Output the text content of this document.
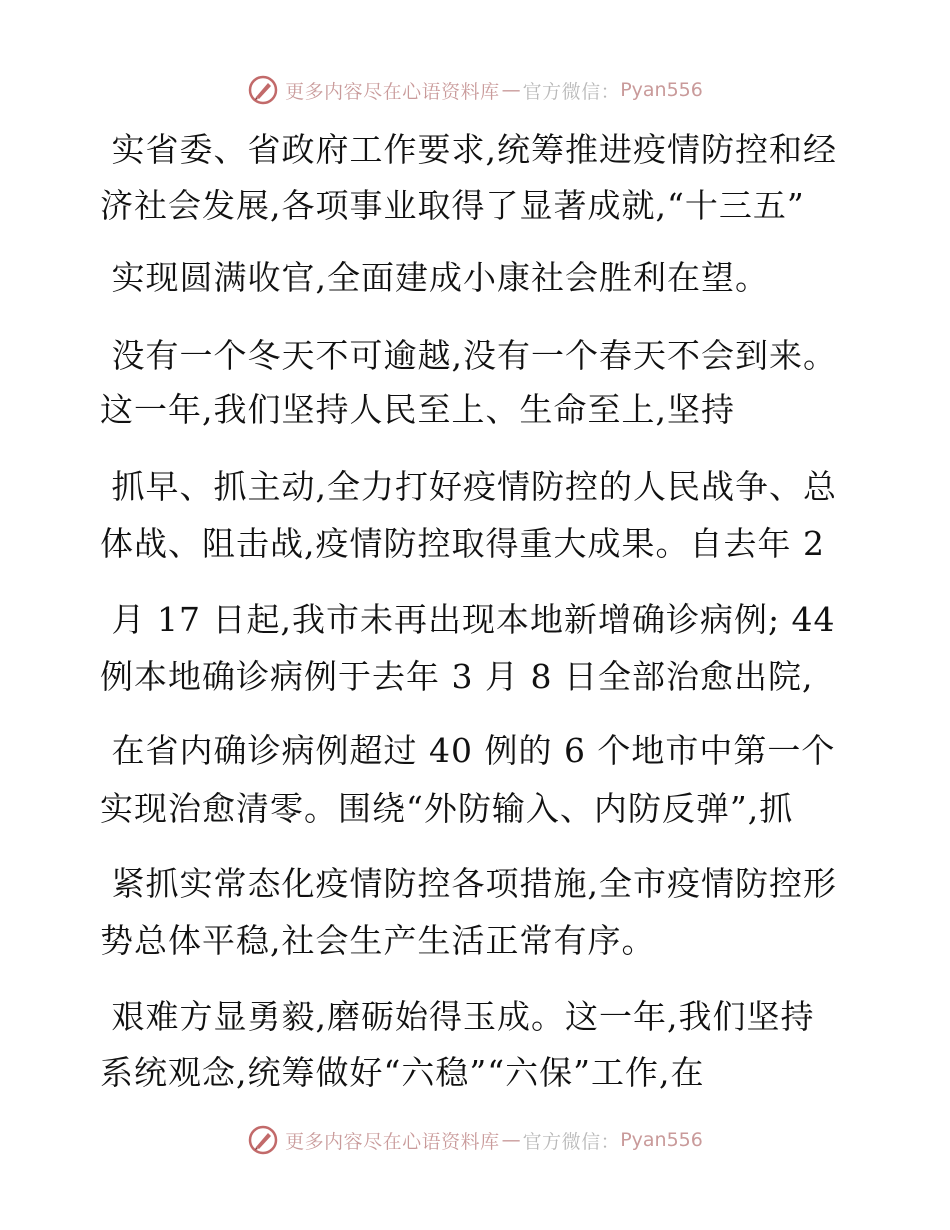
更多内容尽在心语资料库 — 官方微信： Pyan556
实省委、省政府工作要求,统筹推进疫情防控和经
济社会发展,各项事业取得了显著成就,“十三五”
实现圆满收官,全面建成小康社会胜利在望。
没有一个冬天不可逾越,没有一个春天不会到来。
这一年,我们坚持人民至上、生命至上,坚持
抓早、抓主动,全力打好疫情防控的人民战争、总
体战、阻击战,疫情防控取得重大成果。自去年 2
月 17 日起,我市未再出现本地新增确诊病例; 44
例本地确诊病例于去年 3 月 8 日全部治愈出院,
在省内确诊病例超过 40 例的 6 个地市中第一个
实现治愈清零。围绕“外防输入、内防反弹”,抓
紧抓实常态化疫情防控各项措施,全市疫情防控形
势总体平稳,社会生产生活正常有序。
艰难方显勇毅,磨砺始得玉成。这一年,我们坚持
系统观念,统筹做好“六稳”“六保”工作,在
更多内容尽在心语资料库 — 官方微信： Pyan556
